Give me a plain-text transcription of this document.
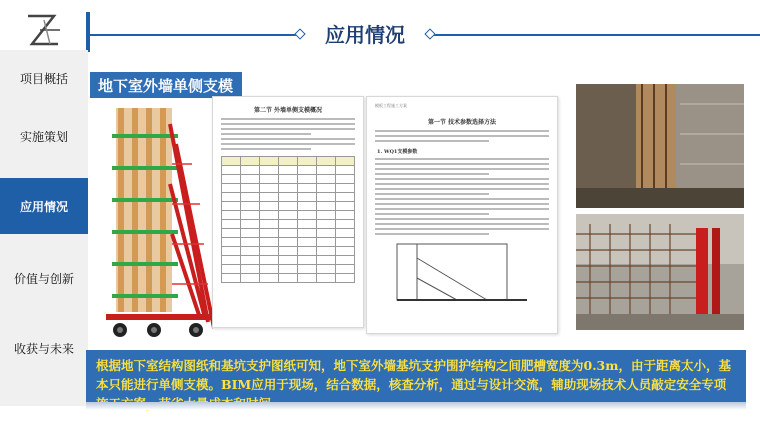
应用情况
项目概括
实施策划
应用情况
价值与创新
收获与未来
地下室外墙单侧支模
第二节 外墙单侧支模概况

模板工程施工方案
第一节 技术参数选择方法
1. WQ1支模参数
根据地下室结构图纸和基坑支护图纸可知，地下室外墙基坑支护围护结构之间肥槽宽度为0.3m，由于距离太小，基本只能进行单侧支模。BIM应用于现场，结合数据，核查分析，通过与设计交流，辅助现场技术人员敲定安全专项
